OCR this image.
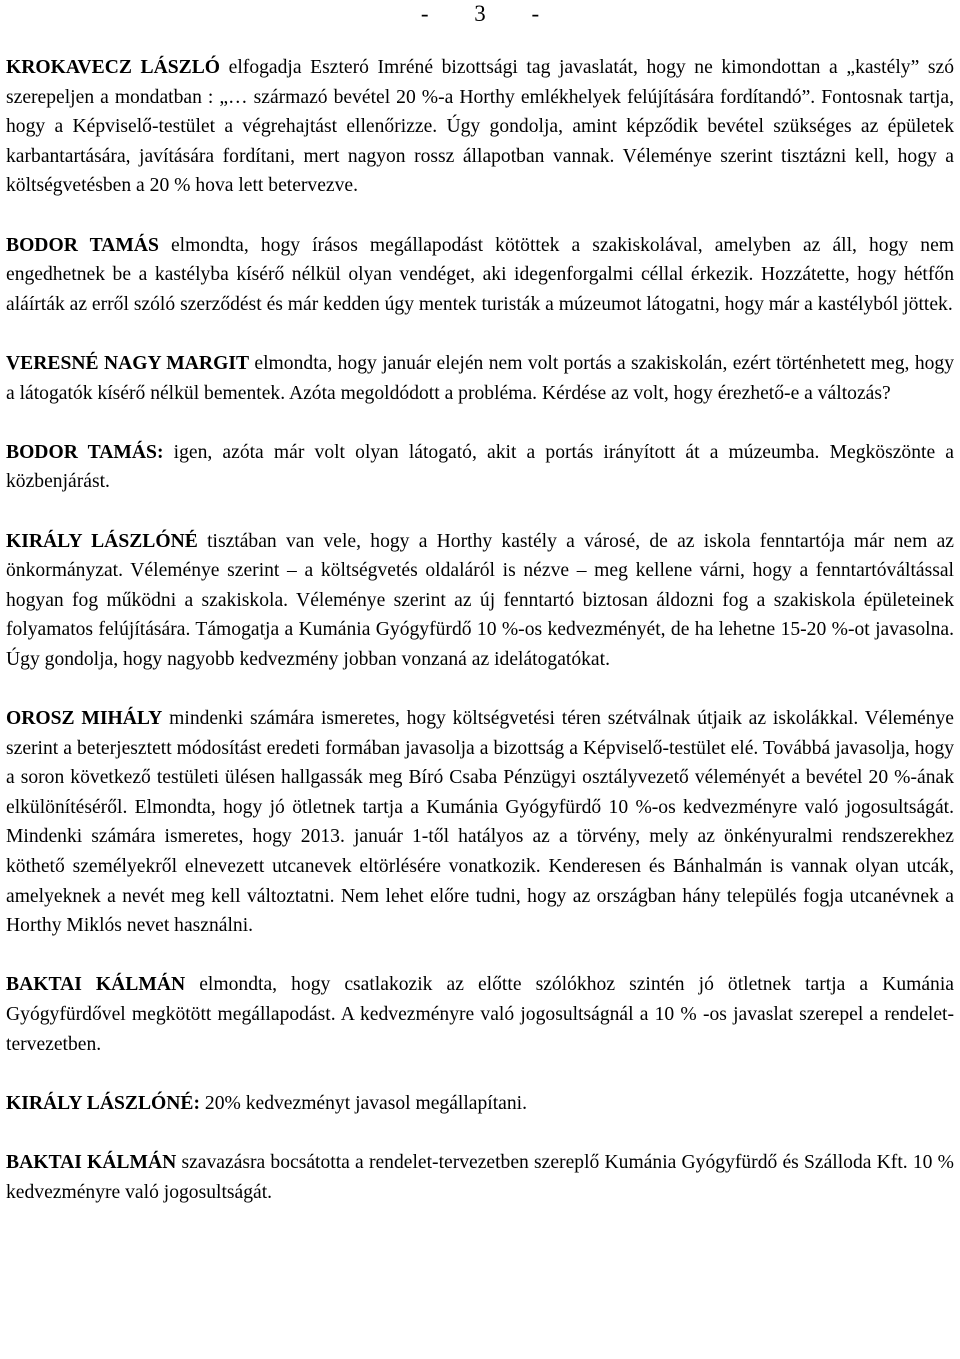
- 3 -

KROKAVECZ LÁSZLÓ elfogadja Eszteró Imréné bizottsági tag javaslatát, hogy ne kimondottan a „kastély” szó szerepeljen a mondatban : „… származó bevétel 20 %-a Horthy emlékhelyek felújítására fordítandó”. Fontosnak tartja, hogy a Képviselő-testület a végrehajtást ellenőrizze. Úgy gondolja, amint képződik bevétel szükséges az épületek karbantartására, javítására fordítani, mert nagyon rossz állapotban vannak. Véleménye szerint tisztázni kell, hogy a költségvetésben a 20 % hova lett betervezve.

BODOR TAMÁS elmondta, hogy írásos megállapodást kötöttek a szakiskolával, amelyben az áll, hogy nem engedhetnek be a kastélyba kísérő nélkül olyan vendéget, aki idegenforgalmi céllal érkezik. Hozzátette, hogy hétfőn aláírták az erről szóló szerződést és már kedden úgy mentek turisták a múzeumot látogatni, hogy már a kastélyból jöttek.

VERESNÉ NAGY MARGIT elmondta, hogy január elején nem volt portás a szakiskolán, ezért történhetett meg, hogy a látogatók kísérő nélkül bementek. Azóta megoldódott a probléma. Kérdése az volt, hogy érezhető-e a változás?

BODOR TAMÁS: igen, azóta már volt olyan látogató, akit a portás irányított át a múzeumba. Megköszönte a közbenjárást.

KIRÁLY LÁSZLÓNÉ tisztában van vele, hogy a Horthy kastély a városé, de az iskola fenntartója már nem az önkormányzat. Véleménye szerint – a költségvetés oldaláról is nézve – meg kellene várni, hogy a fenntartóváltással hogyan fog működni a szakiskola. Véleménye szerint az új fenntartó biztosan áldozni fog a szakiskola épületeinek folyamatos felújítására. Támogatja a Kumánia Gyógyfürdő 10 %-os kedvezményét, de ha lehetne 15-20 %-ot javasolna. Úgy gondolja, hogy nagyobb kedvezmény jobban vonzaná az idelátogatókat.

OROSZ MIHÁLY mindenki számára ismeretes, hogy költségvetési téren szétválnak útjaik az iskolákkal. Véleménye szerint a beterjesztett módosítást eredeti formában javasolja a bizottság a Képviselő-testület elé. Továbbá javasolja, hogy a soron következő testületi ülésen hallgassák meg Bíró Csaba Pénzügyi osztályvezető véleményét a bevétel 20 %-ának elkülönítéséről. Elmondta, hogy jó ötletnek tartja a Kumánia Gyógyfürdő 10 %-os kedvezményre való jogosultságát. Mindenki számára ismeretes, hogy 2013. január 1-től hatályos az a törvény, mely az önkényuralmi rendszerekhez köthető személyekről elnevezett utcanevek eltörlésére vonatkozik. Kenderesen és Bánhalmán is vannak olyan utcák, amelyeknek a nevét meg kell változtatni. Nem lehet előre tudni, hogy az országban hány település fogja utcanévnek a Horthy Miklós nevet használni.

BAKTAI KÁLMÁN elmondta, hogy csatlakozik az előtte szólókhoz szintén jó ötletnek tartja a Kumánia Gyógyfürdővel megkötött megállapodást. A kedvezményre való jogosultságnál a 10 % -os javaslat szerepel a rendelet-tervezetben.

KIRÁLY LÁSZLÓNÉ: 20% kedvezményt javasol megállapítani.

BAKTAI KÁLMÁN szavazásra bocsátotta a rendelet-tervezetben szereplő Kumánia Gyógyfürdő és Szálloda Kft. 10 % kedvezményre való jogosultságát.
